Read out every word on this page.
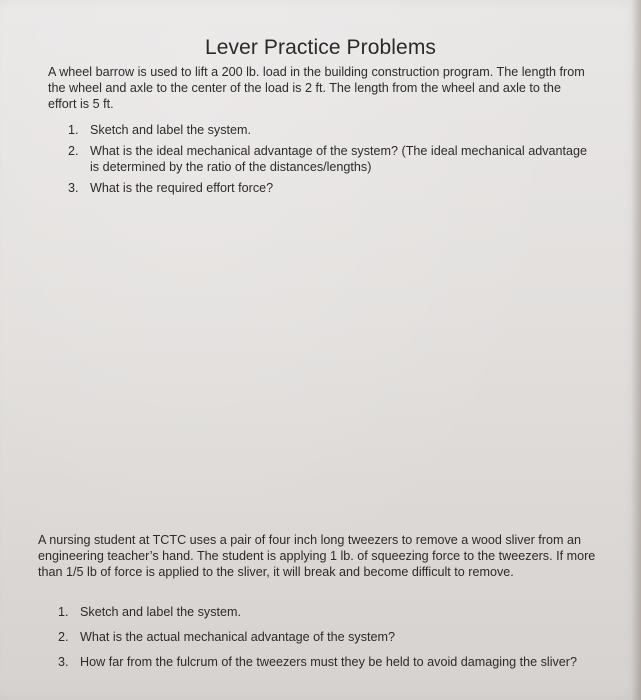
Lever Practice Problems
A wheel barrow is used to lift a 200 lb. load in the building construction program. The length from the wheel and axle to the center of the load is 2 ft. The length from the wheel and axle to the effort is 5 ft.
1. Sketch and label the system.
2. What is the ideal mechanical advantage of the system? (The ideal mechanical advantage is determined by the ratio of the distances/lengths)
3. What is the required effort force?
A nursing student at TCTC uses a pair of four inch long tweezers to remove a wood sliver from an engineering teacher’s hand. The student is applying 1 lb. of squeezing force to the tweezers. If more than 1/5 lb of force is applied to the sliver, it will break and become difficult to remove.
1. Sketch and label the system.
2. What is the actual mechanical advantage of the system?
3. How far from the fulcrum of the tweezers must they be held to avoid damaging the sliver?
